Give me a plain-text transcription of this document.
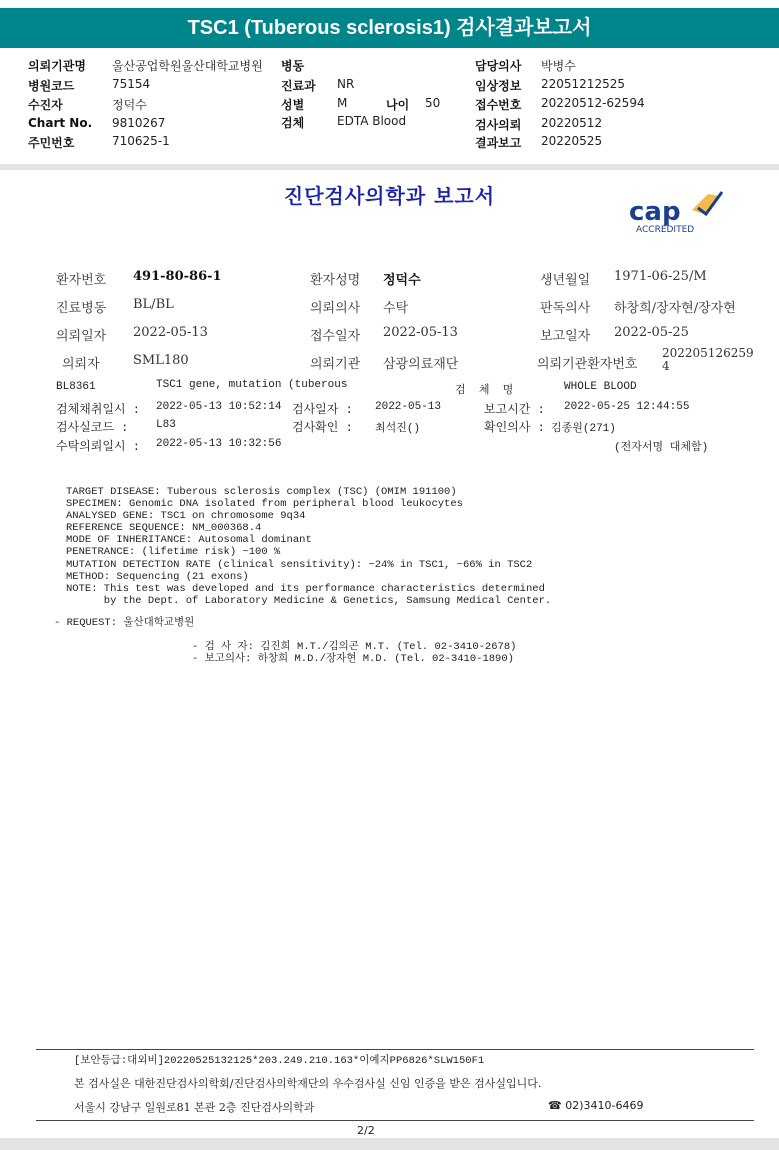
TSC1 (Tuberous sclerosis1) 검사결과보고서
의뢰기관명 울산공업학원울산대학교병원
병원코드	75154
수진자	정덕수
Chart No. 9810267
주민번호	710625-1
병동
진료과 NR
성별	M	나이 50
검체	EDTA Blood
담당의사 박병수
임상정보 22051212525
접수번호 20220512-62594
검사의뢰 20220512
결과보고 20220525
진단검사의학과 보고서
cap
ACCREDITED
환자번호 491-80-86-1	환자성명 정덕수	생년월일 1971-06-25/M
진료병동 BL/BL	의뢰의사 수탁	판독의사 하창희/장자현/장자현
의뢰일자 2022-05-13	접수일자 2022-05-13	보고일자 2022-05-25
의뢰자	SML180	의뢰기관 삼광의료재단	의뢰기관환자번호
202205126259
4
BL8361	TSC1 gene, mutation (tuberous	검  체  명	WHOLE BLOOD
검체채취일시 : 2022-05-13 10:52:14 검사일자 : 2022-05-13	보고시간 : 2022-05-25 12:44:55
검사실코드 :	L83	검사확인 : 최석진()	확인의사 : 김종원(271)
수탁의뢰일시 : 2022-05-13 10:32:56	(전자서명 대체함)
TARGET DISEASE: Tuberous sclerosis complex (TSC) (OMIM 191100)
SPECIMEN: Genomic DNA isolated from peripheral blood leukocytes
ANALYSED GENE: TSC1 on chromosome 9q34
REFERENCE SEQUENCE: NM_000368.4
MODE OF INHERITANCE: Autosomal dominant
PENETRANCE: (lifetime risk) ~100 %
MUTATION DETECTION RATE (clinical sensitivity): ~24% in TSC1, ~66% in TSC2
METHOD: Sequencing (21 exons)
NOTE: This test was developed and its performance characteristics determined
by the Dept. of Laboratory Medicine & Genetics, Samsung Medical Center.
- REQUEST: 울산대학교병원
- 검 사 자: 김진희 M.T./김의곤 M.T. (Tel. 02-3410-2678)
- 보고의사: 하창희 M.D./장자현 M.D. (Tel. 02-3410-1890)
[보안등급:대외비]20220525132125*203.249.210.163*이예지PP6826*SLW150F1
본 검사실은 대한진단검사의학회/진단검사의학재단의 우수검사실 신임 인증을 받은 검사실입니다.
서울시 강남구 일원로81 본관 2층 진단검사의학과	☎ 02)3410-6469
2/2
